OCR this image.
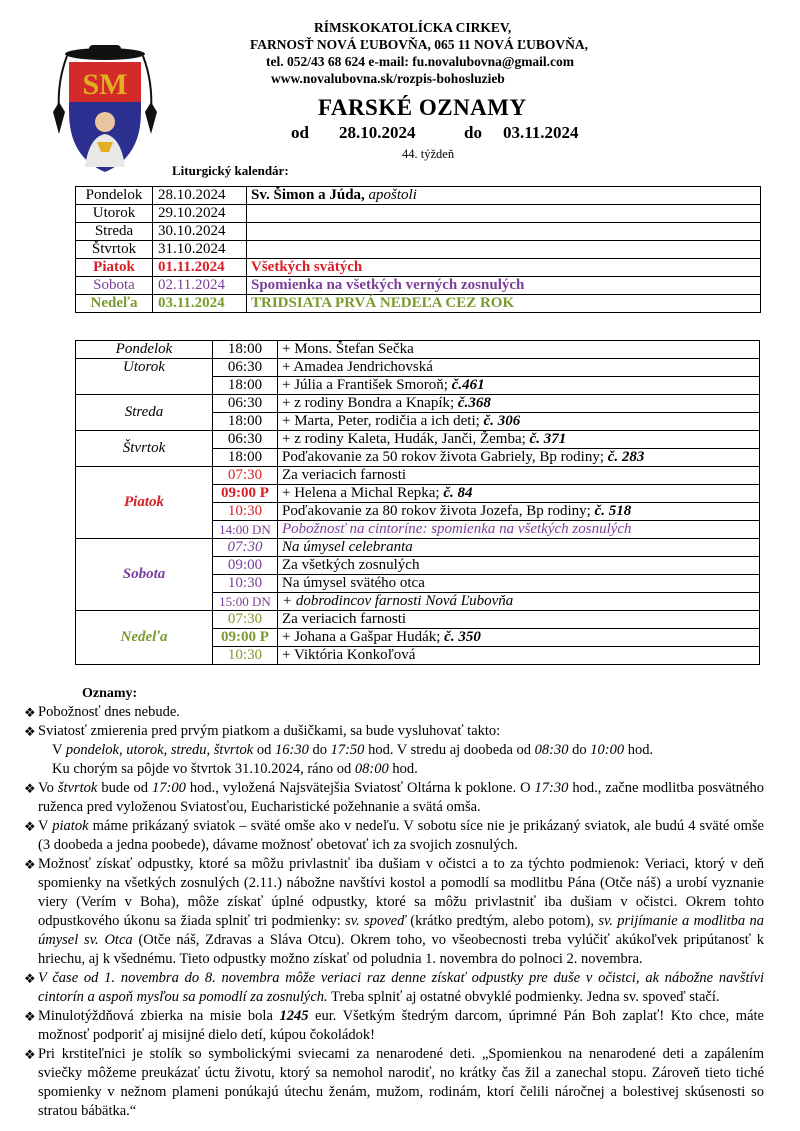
SM
RÍMSKOKATOLÍCKA CIRKEV,
FARNOSŤ NOVÁ ĽUBOVŇA, 065 11 NOVÁ ĽUBOVŇA,
tel. 052/43 68 624 e-mail: fu.novalubovna@gmail.com
www.novalubovna.sk/rozpis-bohosluzieb
FARSKÉ OZNAMY
od 28.10.2024	do 03.11.2024
44. týždeň
Liturgický kalendár:
Pondelok	28.10.2024	Sv. Šimon a Júda, apoštoli
Utorok	29.10.2024	
Streda	30.10.2024	
Štvrtok	31.10.2024	
Piatok	01.11.2024	Všetkých svätých
Sobota	02.11.2024	Spomienka na všetkých verných zosnulých
Nedeľa	03.11.2024	TRIDSIATA PRVÁ NEDEĽA CEZ ROK
Pondelok	18:00	+ Mons. Štefan Sečka
Utorok	06:30	+ Amadea Jendrichovská
	18:00	+ Júlia a František Smoroň; č.461
Streda	06:30	+ z rodiny Bondra a Knapík; č.368
	18:00	+ Marta, Peter, rodičia a ich deti; č. 306
Štvrtok	06:30	+ z rodiny Kaleta, Hudák, Janči, Žemba; č. 371
	18:00	Poďakovanie za 50 rokov života Gabriely, Bp rodiny; č. 283
Piatok	07:30	Za veriacich farnosti
	09:00 P	+ Helena a Michal Repka; č. 84
	10:30	Poďakovanie za 80 rokov života Jozefa, Bp rodiny; č. 518
	14:00 DN	Pobožnosť na cintoríne: spomienka na všetkých zosnulých
Sobota	07:30	Na úmysel celebranta
	09:00	Za všetkých zosnulých
	10:30	Na úmysel svätého otca
	15:00 DN	+ dobrodincov farnosti Nová Ľubovňa
Nedeľa	07:30	Za veriacich farnosti
	09:00 P	+ Johana a Gašpar Hudák; č. 350
	10:30	+ Viktória Konkoľová
Oznamy:
❖ Pobožnosť dnes nebude.
❖ Sviatosť zmierenia pred prvým piatkom a dušičkami, sa bude vysluhovať takto:
V pondelok, utorok, stredu, štvrtok od 16:30 do 17:50 hod. V stredu aj doobeda od 08:30 do 10:00 hod.
Ku chorým sa pôjde vo štvrtok 31.10.2024, ráno od 08:00 hod.
❖ Vo štvrtok bude od 17:00 hod., vyložená Najsvätejšia Sviatosť Oltárna k poklone. O 17:30 hod., začne modlitba posvätného ruženca pred vyloženou Sviatosťou, Eucharistické požehnanie a svätá omša.
❖ V piatok máme prikázaný sviatok – sväté omše ako v nedeľu. V sobotu síce nie je prikázaný sviatok, ale budú 4 sväté omše (3 doobeda a jedna poobede), dávame možnosť obetovať ich za svojich zosnulých.
❖ Možnosť získať odpustky, ktoré sa môžu privlastniť iba dušiam v očistci a to za týchto podmienok: Veriaci, ktorý v deň spomienky na všetkých zosnulých (2.11.) nábožne navštívi kostol a pomodlí sa modlitbu Pána (Otče náš) a urobí vyznanie viery (Verím v Boha), môže získať úplné odpustky, ktoré sa môžu privlastniť iba dušiam v očistci. Okrem tohto odpustkového úkonu sa žiada splniť tri podmienky: sv. spoveď (krátko predtým, alebo potom), sv. prijímanie a modlitba na úmysel sv. Otca (Otče náš, Zdravas a Sláva Otcu). Okrem toho, vo všeobecnosti treba vylúčiť akúkoľvek pripútanosť k hriechu, aj k všednému. Tieto odpustky možno získať od poludnia 1. novembra do polnoci 2. novembra.
❖ V čase od 1. novembra do 8. novembra môže veriaci raz denne získať odpustky pre duše v očistci, ak nábožne navštívi cintorín a aspoň mysľou sa pomodlí za zosnulých. Treba splniť aj ostatné obvyklé podmienky. Jedna sv. spoveď stačí.
❖ Minulotýždňová zbierka na misie bola 1245 eur. Všetkým štedrým darcom, úprimné Pán Boh zaplať! Kto chce, máte možnosť podporiť aj misijné dielo detí, kúpou čokoládok!
❖ Pri krstiteľnici je stolík so symbolickými sviecami za nenarodené deti. „Spomienkou na nenarodené deti a zapálením sviečky môžeme preukázať úctu životu, ktorý sa nemohol narodiť, no krátky čas žil a zanechal stopu. Zároveň tieto tiché spomienky v nežnom plameni ponúkajú útechu ženám, mužom, rodinám, ktorí čelili náročnej a bolestivej skúsenosti so stratou bábätka.“
